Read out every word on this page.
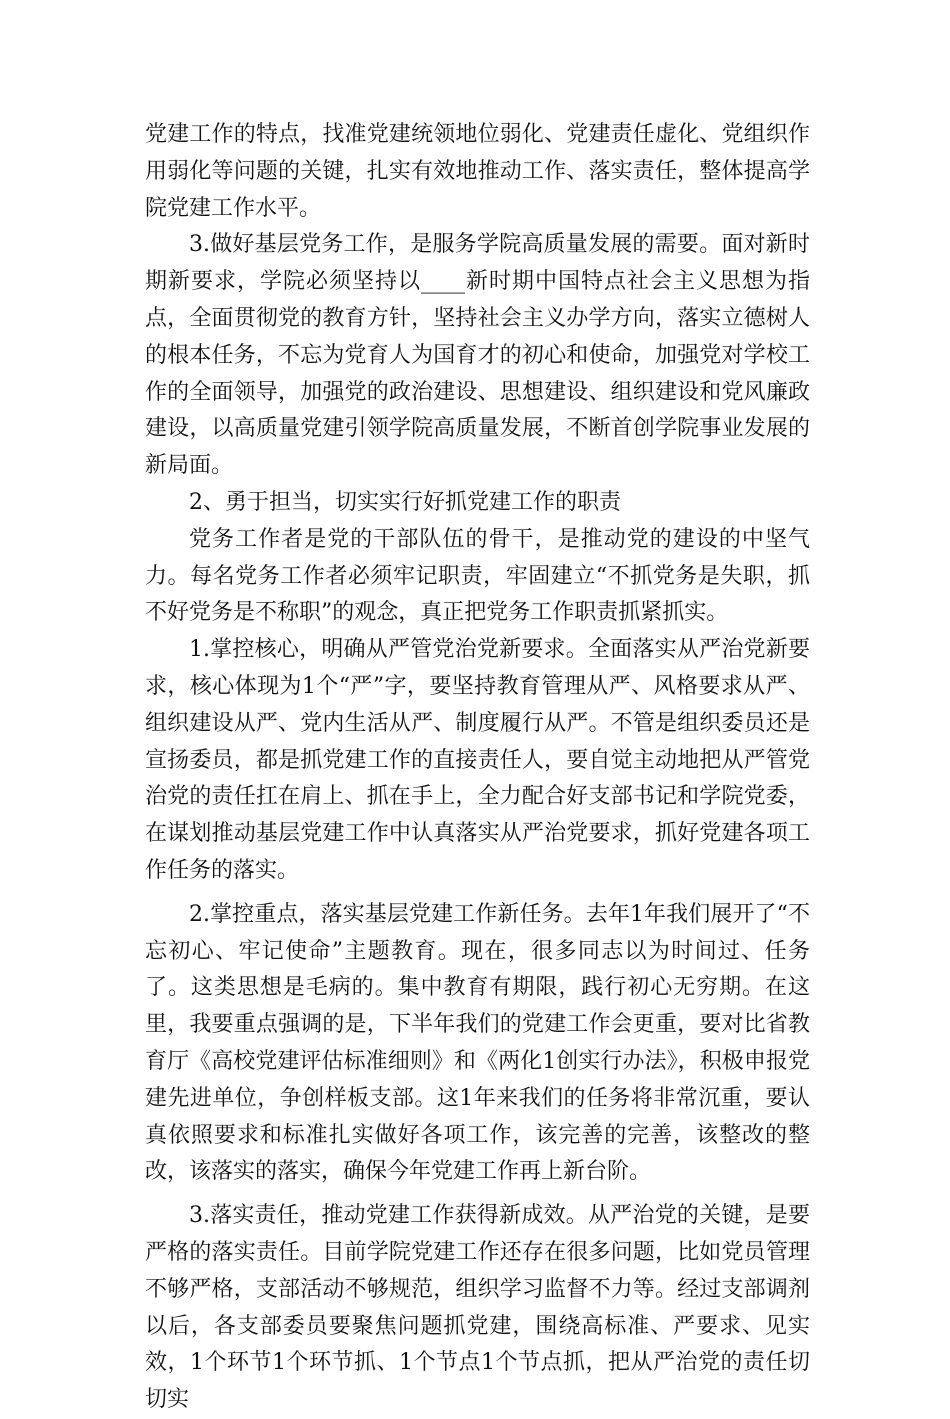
党建工作的特点，找准党建统领地位弱化、党建责任虚化、党组织作用弱化等问题的关键，扎实有效地推动工作、落实责任，整体提高学院党建工作水平。

3.做好基层党务工作，是服务学院高质量发展的需要。面对新时期新要求，学院必须坚持以____新时期中国特点社会主义思想为指点，全面贯彻党的教育方针，坚持社会主义办学方向，落实立德树人的根本任务，不忘为党育人为国育才的初心和使命，加强党对学校工作的全面领导，加强党的政治建设、思想建设、组织建设和党风廉政建设，以高质量党建引领学院高质量发展，不断首创学院事业发展的新局面。

2、勇于担当，切实实行好抓党建工作的职责

党务工作者是党的干部队伍的骨干，是推动党的建设的中坚气力。每名党务工作者必须牢记职责，牢固建立“不抓党务是失职，抓不好党务是不称职”的观念，真正把党务工作职责抓紧抓实。

1.掌控核心，明确从严管党治党新要求。全面落实从严治党新要求，核心体现为1个“严”字，要坚持教育管理从严、风格要求从严、组织建设从严、党内生活从严、制度履行从严。不管是组织委员还是宣扬委员，都是抓党建工作的直接责任人，要自觉主动地把从严管党治党的责任扛在肩上、抓在手上，全力配合好支部书记和学院党委，在谋划推动基层党建工作中认真落实从严治党要求，抓好党建各项工作任务的落实。

2.掌控重点，落实基层党建工作新任务。去年1年我们展开了“不忘初心、牢记使命”主题教育。现在，很多同志以为时间过、任务了。这类思想是毛病的。集中教育有期限，践行初心无穷期。在这里，我要重点强调的是，下半年我们的党建工作会更重，要对比省教育厅《高校党建评估标准细则》和《两化1创实行办法》，积极申报党建先进单位，争创样板支部。这1年来我们的任务将非常沉重，要认真依照要求和标准扎实做好各项工作，该完善的完善，该整改的整改，该落实的落实，确保今年党建工作再上新台阶。

3.落实责任，推动党建工作获得新成效。从严治党的关键，是要严格的落实责任。目前学院党建工作还存在很多问题，比如党员管理不够严格，支部活动不够规范，组织学习监督不力等。经过支部调剂以后，各支部委员要聚焦问题抓党建，围绕高标准、严要求、见实效，1个环节1个环节抓、1个节点1个节点抓，把从严治党的责任切切实
